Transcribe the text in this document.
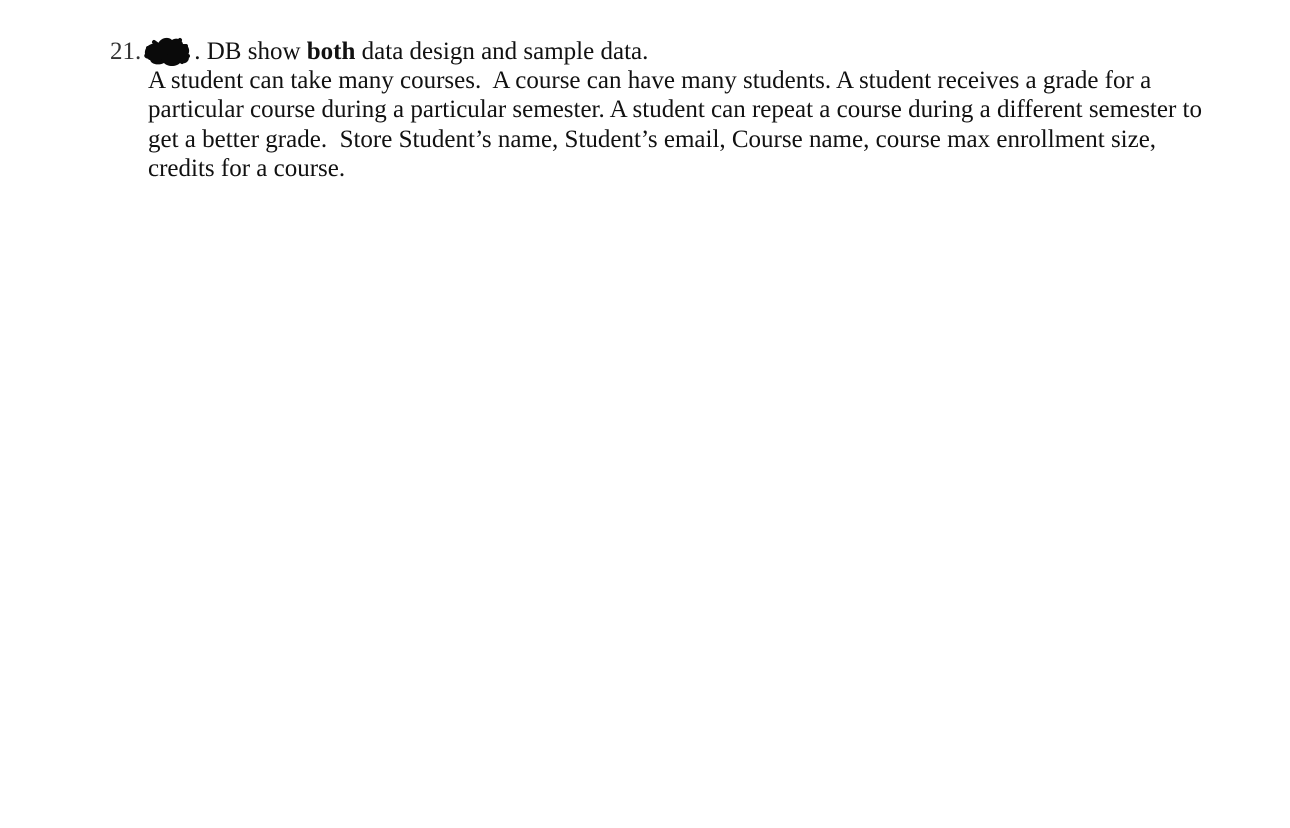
21. . DB show both data design and sample data.
A student can take many courses.  A course can have many students. A student receives a grade for a particular course during a particular semester. A student can repeat a course during a different semester to get a better grade.  Store Student’s name, Student’s email, Course name, course max enrollment size, credits for a course.
